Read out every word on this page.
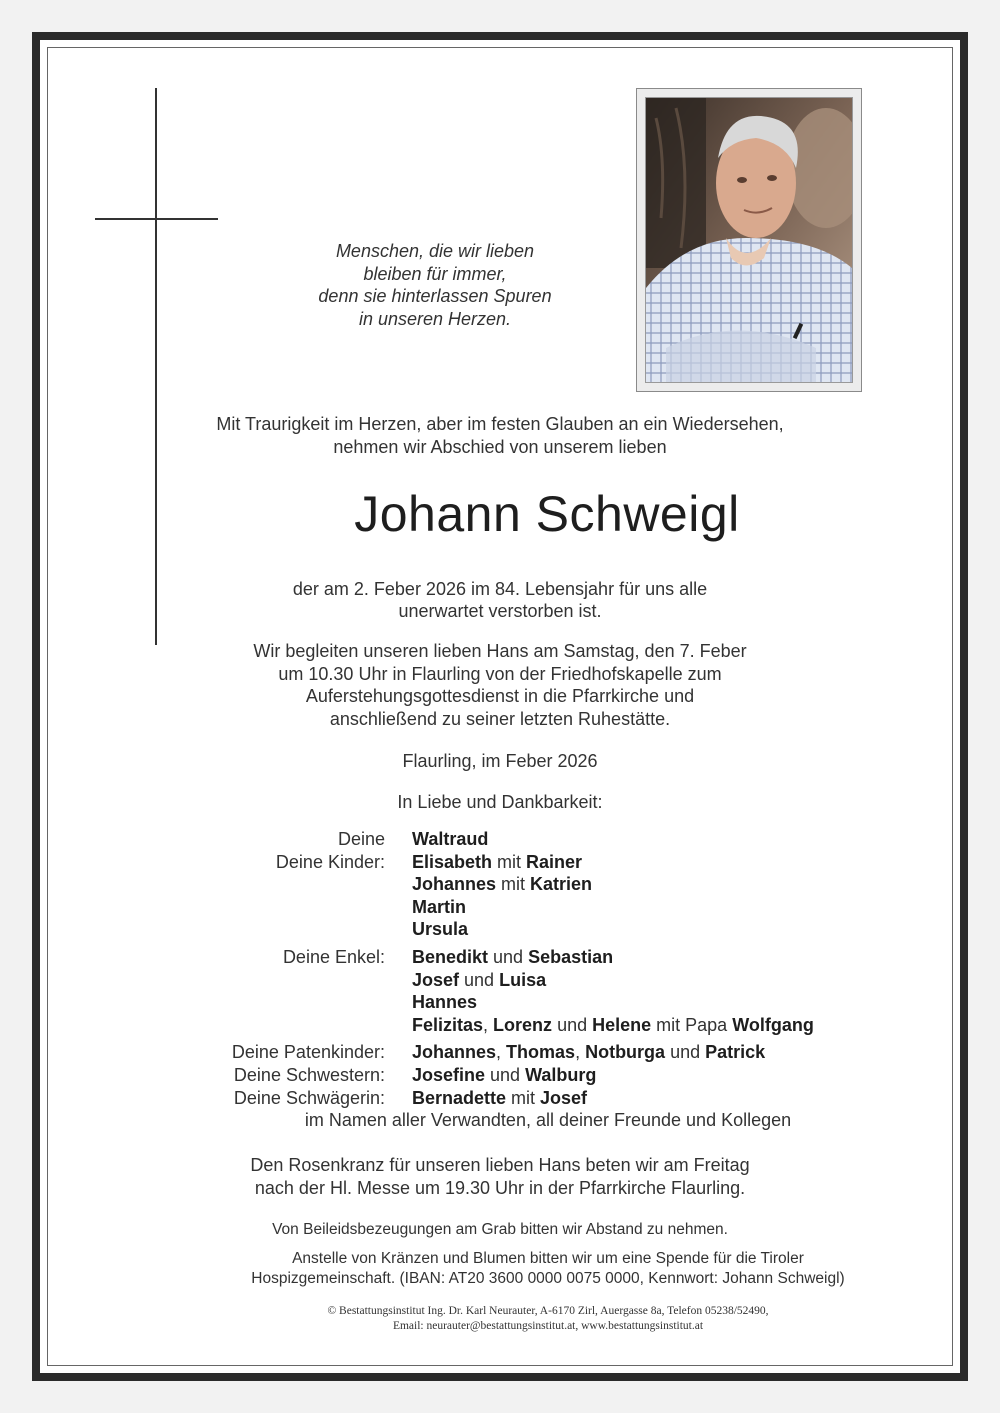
Menschen, die wir lieben
bleiben für immer,
denn sie hinterlassen Spuren
in unseren Herzen.
Mit Traurigkeit im Herzen, aber im festen Glauben an ein Wiedersehen,
nehmen wir Abschied von unserem lieben
Johann Schweigl
der am 2. Feber 2026 im 84. Lebensjahr für uns alle
unerwartet verstorben ist.
Wir begleiten unseren lieben Hans am Samstag, den 7. Feber
um 10.30 Uhr in Flaurling von der Friedhofskapelle zum
Auferstehungsgottesdienst in die Pfarrkirche und
anschließend zu seiner letzten Ruhestätte.
Flaurling, im Feber 2026
In Liebe und Dankbarkeit:
Deine Waltraud
Deine Kinder: Elisabeth mit Rainer
Johannes mit Katrien
Martin
Ursula
Deine Enkel: Benedikt und Sebastian
Josef und Luisa
Hannes
Felizitas, Lorenz und Helene mit Papa Wolfgang
Deine Patenkinder: Johannes, Thomas, Notburga und Patrick
Deine Schwestern: Josefine und Walburg
Deine Schwägerin: Bernadette mit Josef
im Namen aller Verwandten, all deiner Freunde und Kollegen
Den Rosenkranz für unseren lieben Hans beten wir am Freitag
nach der Hl. Messe um 19.30 Uhr in der Pfarrkirche Flaurling.
Von Beileidsbezeugungen am Grab bitten wir Abstand zu nehmen.
Anstelle von Kränzen und Blumen bitten wir um eine Spende für die Tiroler
Hospizgemeinschaft. (IBAN: AT20 3600 0000 0075 0000, Kennwort: Johann Schweigl)
© Bestattungsinstitut Ing. Dr. Karl Neurauter, A-6170 Zirl, Auergasse 8a, Telefon 05238/52490,
Email: neurauter@bestattungsinstitut.at, www.bestattungsinstitut.at
